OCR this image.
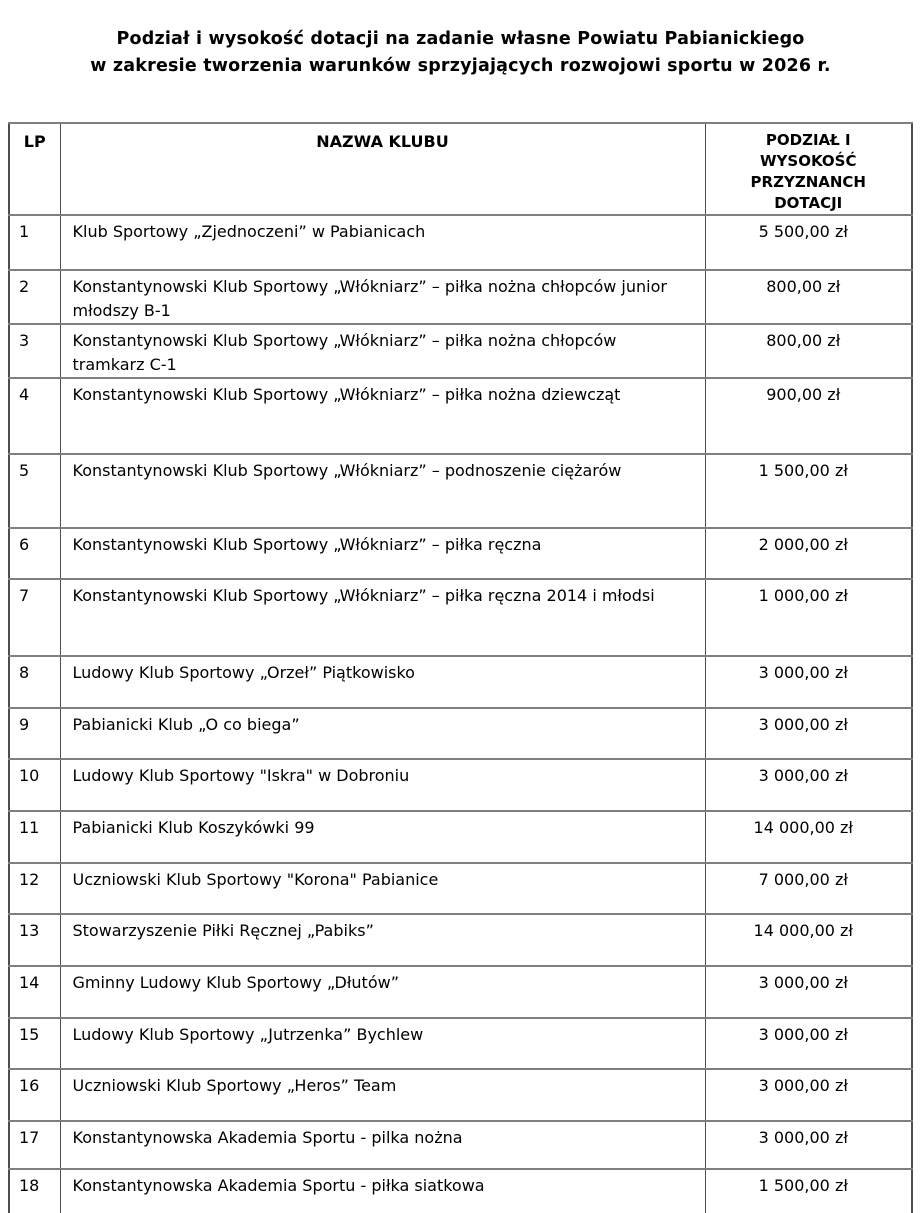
Podział i wysokość dotacji na zadanie własne Powiatu Pabianickiego
w zakresie tworzenia warunków sprzyjających rozwojowi sportu w 2026 r.
LP	NAZWA KLUBU	PODZIAŁ I WYSOKOŚĆ PRZYZNANCH DOTACJI

1	Klub Sportowy „Zjednoczeni” w Pabianicach	5 500,00 zł
2	Konstantynowski Klub Sportowy „Włókniarz” – piłka nożna chłopców junior młodszy B-1	800,00 zł
3	Konstantynowski Klub Sportowy „Włókniarz” – piłka nożna chłopców tramkarz C-1	800,00 zł
4	Konstantynowski Klub Sportowy „Włókniarz” – piłka nożna dziewcząt	900,00 zł
5	Konstantynowski Klub Sportowy „Włókniarz” – podnoszenie ciężarów	1 500,00 zł
6	Konstantynowski Klub Sportowy „Włókniarz” – piłka ręczna	2 000,00 zł
7	Konstantynowski Klub Sportowy „Włókniarz” – piłka ręczna 2014 i młodsi	1 000,00 zł
8	Ludowy Klub Sportowy „Orzeł” Piątkowisko	3 000,00 zł
9	Pabianicki Klub „O co biega”	3 000,00 zł
10	Ludowy Klub Sportowy "Iskra" w Dobroniu	3 000,00 zł
11	Pabianicki Klub Koszykówki 99	14 000,00 zł
12	Uczniowski Klub Sportowy "Korona" Pabianice	7 000,00 zł
13	Stowarzyszenie Piłki Ręcznej „Pabiks”	14 000,00 zł
14	Gminny Ludowy Klub Sportowy „Dłutów”	3 000,00 zł
15	Ludowy Klub Sportowy „Jutrzenka” Bychlew	3 000,00 zł
16	Uczniowski Klub Sportowy „Heros” Team	3 000,00 zł
17	Konstantynowska Akademia Sportu - pilka nożna	3 000,00 zł
18	Konstantynowska Akademia Sportu - piłka siatkowa	1 500,00 zł
